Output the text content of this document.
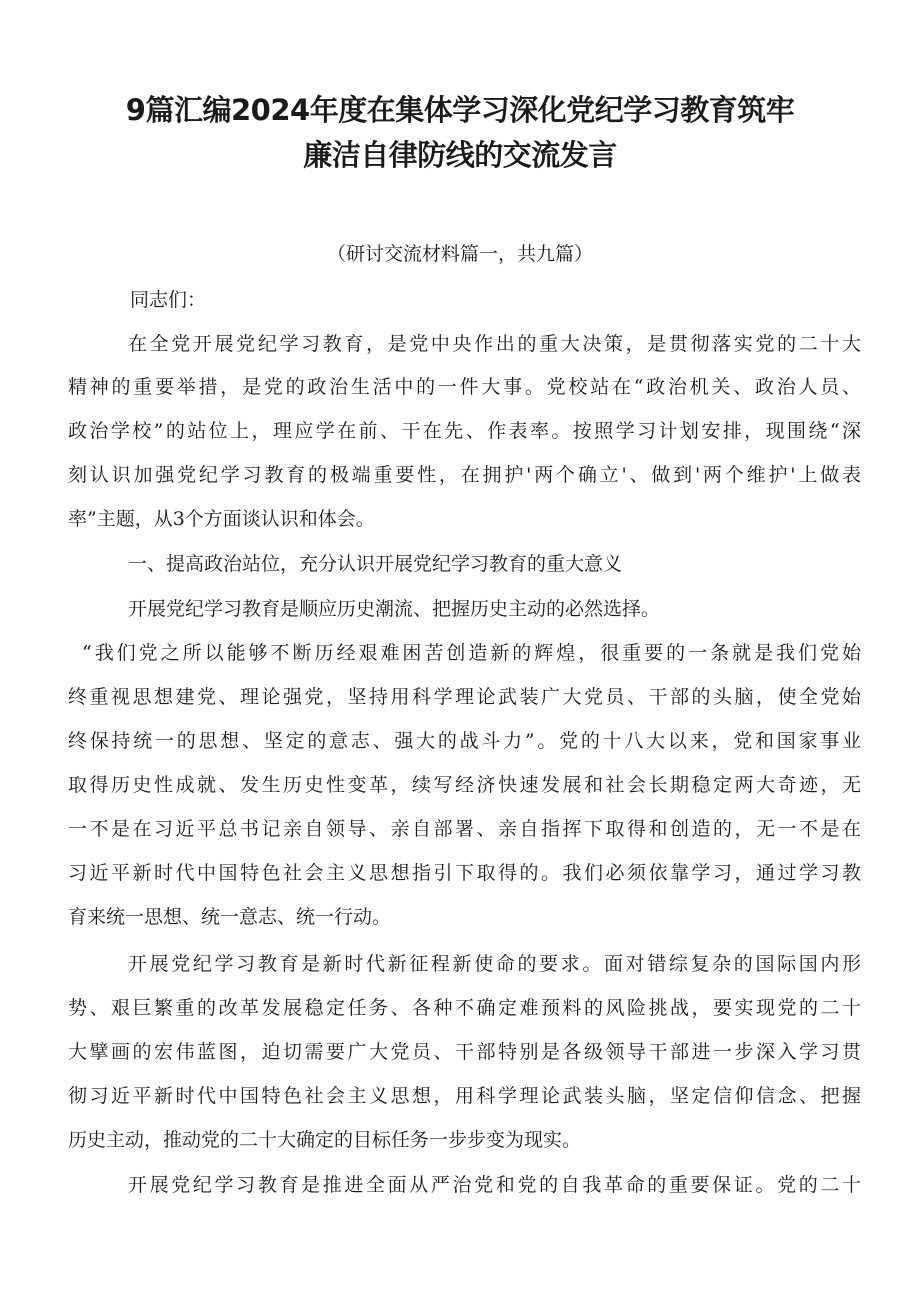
9篇汇编2024年度在集体学习深化党纪学习教育筑牢
廉洁自律防线的交流发言
（研讨交流材料篇一，共九篇）
同志们：
在全党开展党纪学习教育，是党中央作出的重大决策，是贯彻落实党的二十大
精神的重要举措，是党的政治生活中的一件大事。党校站在“政治机关、政治人员、
政治学校”的站位上，理应学在前、干在先、作表率。按照学习计划安排，现围绕“深
刻认识加强党纪学习教育的极端重要性，在拥护'两个确立'、做到'两个维护'上做表
率”主题，从3个方面谈认识和体会。
一、提高政治站位，充分认识开展党纪学习教育的重大意义
开展党纪学习教育是顺应历史潮流、把握历史主动的必然选择。
“我们党之所以能够不断历经艰难困苦创造新的辉煌，很重要的一条就是我们党始
终重视思想建党、理论强党，坚持用科学理论武装广大党员、干部的头脑，使全党始
终保持统一的思想、坚定的意志、强大的战斗力”。党的十八大以来，党和国家事业
取得历史性成就、发生历史性变革，续写经济快速发展和社会长期稳定两大奇迹，无
一不是在习近平总书记亲自领导、亲自部署、亲自指挥下取得和创造的，无一不是在
习近平新时代中国特色社会主义思想指引下取得的。我们必须依靠学习，通过学习教
育来统一思想、统一意志、统一行动。
开展党纪学习教育是新时代新征程新使命的要求。面对错综复杂的国际国内形
势、艰巨繁重的改革发展稳定任务、各种不确定难预料的风险挑战，要实现党的二十
大擘画的宏伟蓝图，迫切需要广大党员、干部特别是各级领导干部进一步深入学习贯
彻习近平新时代中国特色社会主义思想，用科学理论武装头脑，坚定信仰信念、把握
历史主动，推动党的二十大确定的目标任务一步步变为现实。
开展党纪学习教育是推进全面从严治党和党的自我革命的重要保证。党的二十
